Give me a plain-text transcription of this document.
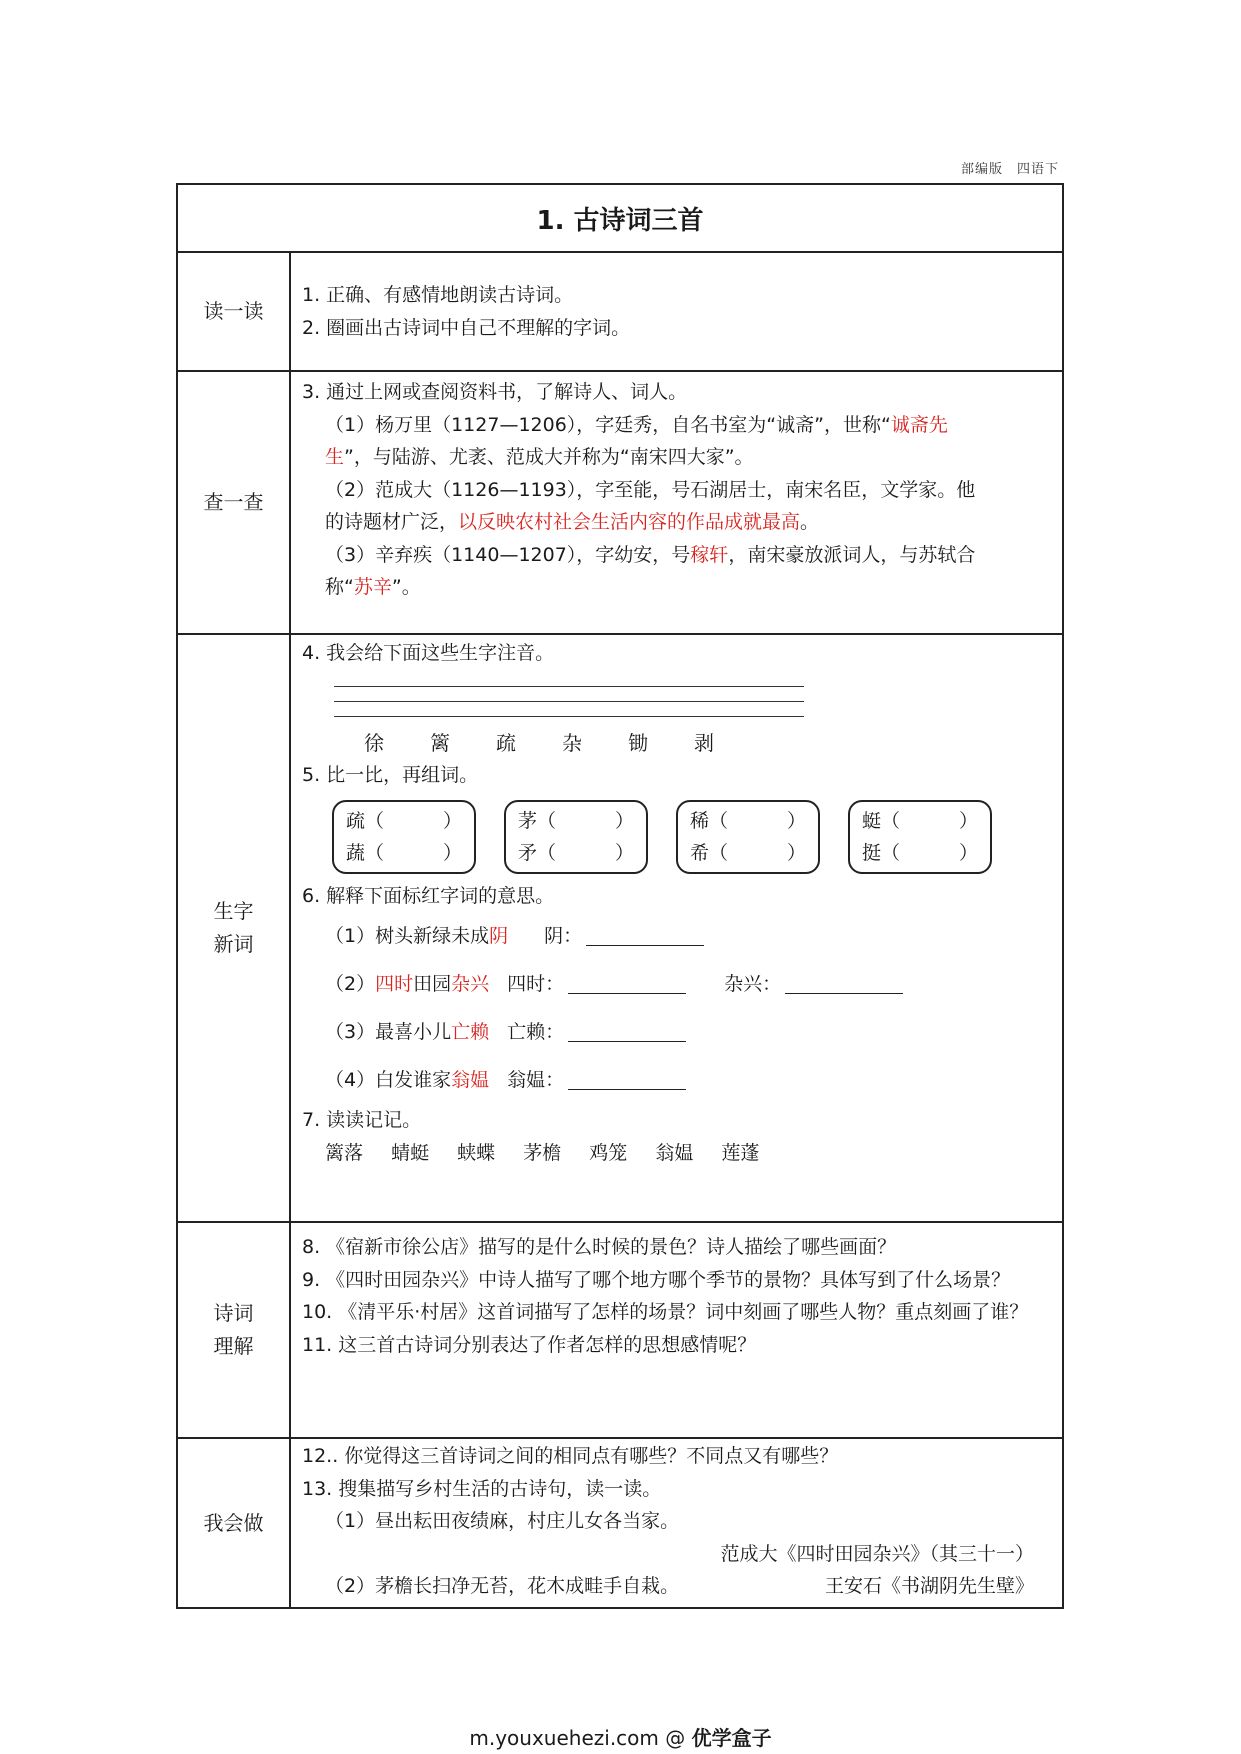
部编版　四语下
1. 古诗词三首
读一读
1. 正确、有感情地朗读古诗词。
2. 圈画出古诗词中自己不理解的字词。
查一查
3. 通过上网或查阅资料书，了解诗人、词人。
（1）杨万里（1127—1206），字廷秀，自名书室为“诚斋”，世称“诚斋先
生”，与陆游、尤袤、范成大并称为“南宋四大家”。
（2）范成大（1126—1193），字至能，号石湖居士，南宋名臣，文学家。他
的诗题材广泛，以反映农村社会生活内容的作品成就最高。
（3）辛弃疾（1140—1207），字幼安，号稼轩，南宋豪放派词人，与苏轼合
称“苏辛”。
生字
新词
4. 我会给下面这些生字注音。
徐	篱	疏	杂	锄	剥
5. 比一比，再组词。
疏（	）
蔬（	）
茅（	）
矛（	）
稀（	）
希（	）
蜓（	）
挺（	）
6. 解释下面标红字词的意思。
（1）树头新绿未成 阴 阴：
（2） 四时 田园 杂兴 四时：	杂兴：
（3）最喜小儿 亡赖 亡赖：
（4）白发谁家 翁媪 翁媪：
7. 读读记记。
篱落 蜻蜓 蛱蝶 茅檐 鸡笼 翁媪 莲蓬
诗词
理解
8. 《宿新市徐公店》描写的是什么时候的景色？诗人描绘了哪些画面？
9. 《四时田园杂兴》中诗人描写了哪个地方哪个季节的景物？具体写到了什么场景？
10. 《清平乐·村居》这首词描写了怎样的场景？词中刻画了哪些人物？重点刻画了谁？
11. 这三首古诗词分别表达了作者怎样的思想感情呢？
我会做
12.. 你觉得这三首诗词之间的相同点有哪些？不同点又有哪些？
13. 搜集描写乡村生活的古诗句，读一读。
（1）昼出耘田夜绩麻，村庄儿女各当家。
范成大《四时田园杂兴》（其三十一）
（2）茅檐长扫净无苔，花木成畦手自栽。	王安石《书湖阴先生壁》
m.youxuehezi.com @ 优学盒子
